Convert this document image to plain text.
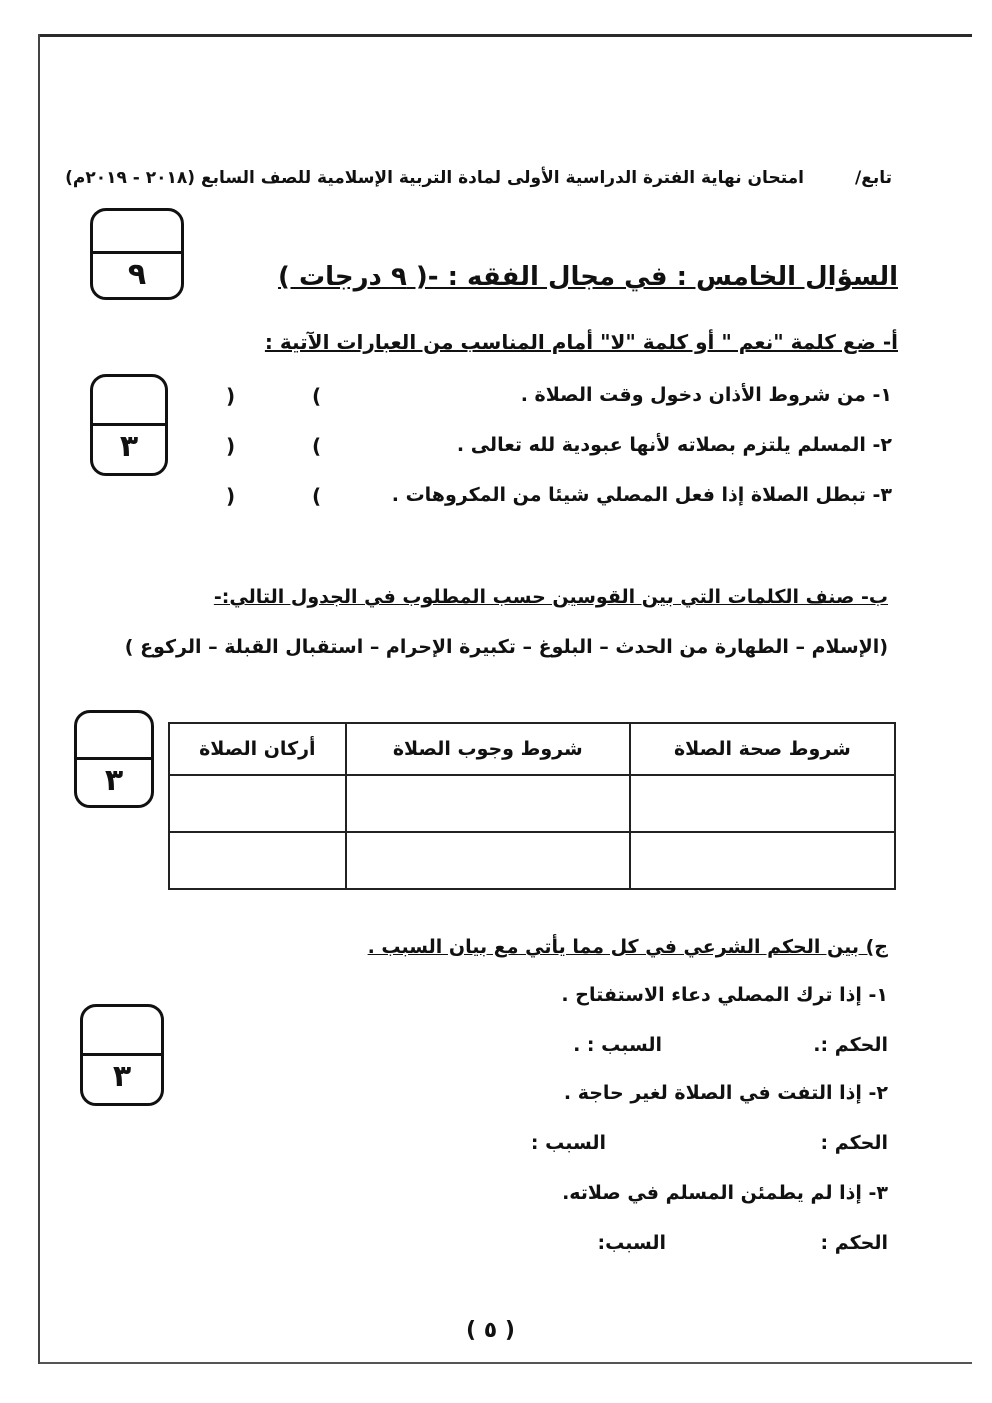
تابع/
امتحان نهاية الفترة الدراسية الأولى لمادة التربية الإسلامية للصف السابع (٢٠١٨ - ٢٠١٩م)
السؤال الخامس : في مجال الفقه : -( ٩ درجات )
٩
أ- ضع كلمة "نعم " أو كلمة "لا" أمام المناسب من العبارات الآتية :
٣
١- من شروط الأذان دخول وقت الصلاة .
(
)
٢- المسلم يلتزم بصلاته لأنها عبودية لله تعالى .
(
)
٣- تبطل الصلاة إذا فعل المصلي شيئا من المكروهات .
(
)
ب- صنف الكلمات التي بين القوسين حسب المطلوب في الجدول التالي:-
(الإسلام – الطهارة من الحدث – البلوغ – تكبيرة الإحرام – استقبال القبلة – الركوع )
٣
شروط صحة الصلاة	شروط وجوب الصلاة	أركان الصلاة

ج) بين الحكم الشرعي في كل مما يأتي مع بيان السبب .
٣
١- إذا ترك المصلي دعاء الاستفتاح .
الحكم :.
السبب : .
٢- إذا التفت في الصلاة لغير حاجة .
الحكم :
السبب :
٣- إذا لم يطمئن المسلم في صلاته.
الحكم :
السبب:
( ٥ )
